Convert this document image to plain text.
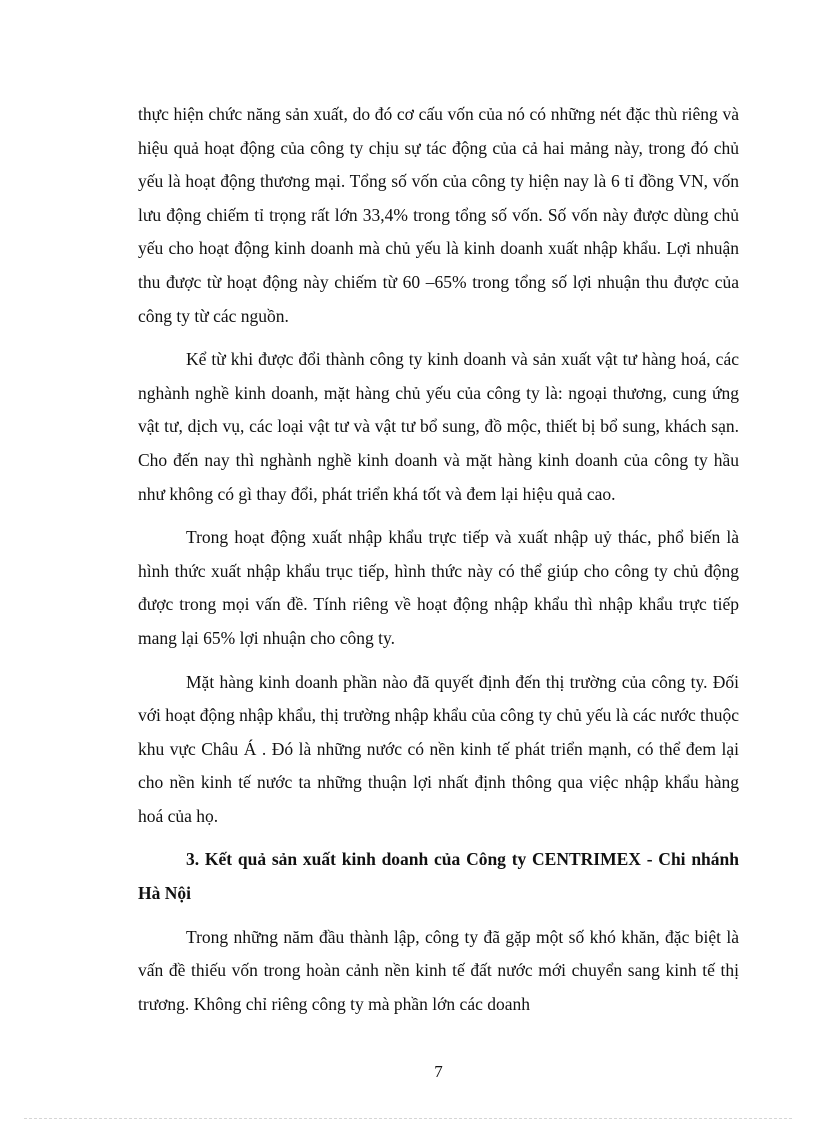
thực hiện chức năng sản xuất, do đó cơ cấu vốn của nó có những nét đặc thù riêng và hiệu quả hoạt động của công ty chịu sự tác động của cả hai mảng này, trong đó chủ yếu là hoạt động thương mại. Tổng số vốn của công ty hiện nay là 6 tỉ đồng VN, vốn lưu động chiếm tỉ trọng rất lớn 33,4% trong tổng số vốn. Số vốn này được dùng chủ yếu cho hoạt động kinh doanh mà chủ yếu là kinh doanh xuất nhập khẩu. Lợi nhuận thu được từ hoạt động này chiếm từ 60 –65% trong tổng số lợi nhuận thu được của công ty từ các nguồn.

Kể từ khi được đổi thành công ty kinh doanh và sản xuất vật tư hàng hoá, các nghành nghề kinh doanh, mặt hàng chủ yếu của công ty là: ngoại thương, cung ứng vật tư, dịch vụ, các loại vật tư và vật tư bổ sung, đồ mộc, thiết bị bổ sung, khách sạn. Cho đến nay thì nghành nghề kinh doanh và mặt hàng kinh doanh của công ty hầu như không có gì thay đổi, phát triển khá tốt và đem lại hiệu quả cao.

Trong hoạt động xuất nhập khẩu trực tiếp và xuất nhập uỷ thác, phổ biến là hình thức xuất nhập khẩu trục tiếp, hình thức này có thể giúp cho công ty chủ động được trong mọi vấn đề. Tính riêng về hoạt động nhập khẩu thì nhập khẩu trực tiếp mang lại 65% lợi nhuận cho công ty.

Mặt hàng kinh doanh phần nào đã quyết định đến thị trường của công ty. Đối với hoạt động nhập khẩu, thị trường nhập khẩu của công ty chủ yếu là các nước thuộc khu vực Châu Á . Đó là những nước có nền kinh tế phát triển mạnh, có thể đem lại cho nền kinh tế nước ta những thuận lợi nhất định thông qua việc nhập khẩu hàng hoá của họ.

3. Kết quả sản xuất kinh doanh của Công ty CENTRIMEX - Chi nhánh Hà Nội

Trong những năm đầu thành lập, công ty đã gặp một số khó khăn, đặc biệt là vấn đề thiếu vốn trong hoàn cảnh nền kinh tế đất nước mới chuyển sang kinh tế thị trương. Không chỉ riêng công ty mà phần lớn các doanh

7
